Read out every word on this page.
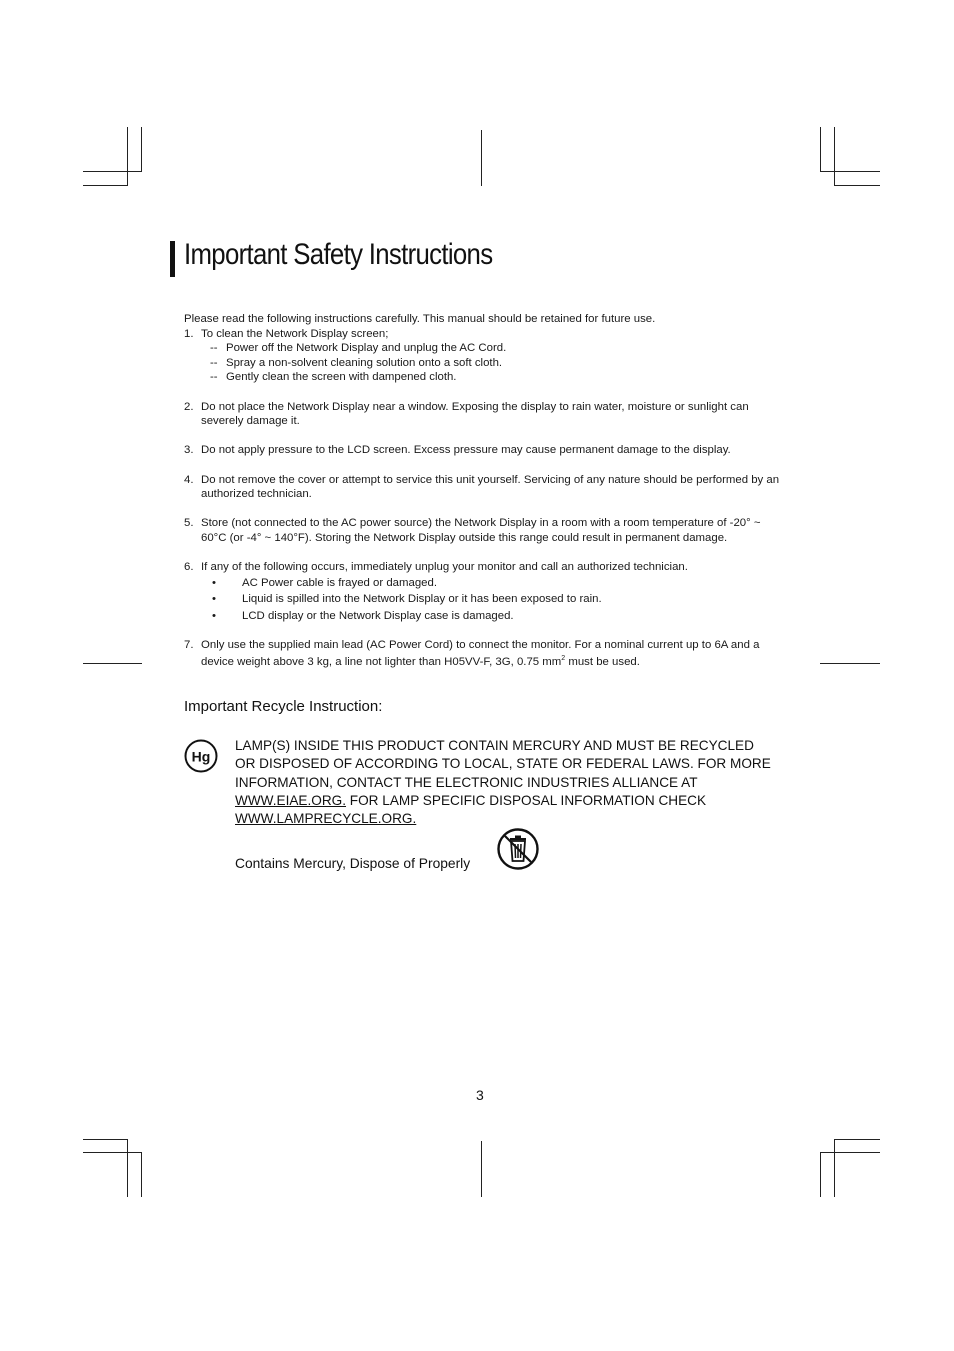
Important Safety Instructions

Please read the following instructions carefully. This manual should be retained for future use.

1. To clean the Network Display screen;
-- Power off the Network Display and unplug the AC Cord.
-- Spray a non-solvent cleaning solution onto a soft cloth.
-- Gently clean the screen with dampened cloth.
2. Do not place the Network Display near a window. Exposing the display to rain water, moisture or sunlight can severely damage it.
3. Do not apply pressure to the LCD screen. Excess pressure may cause permanent damage to the display.
4. Do not remove the cover or attempt to service this unit yourself. Servicing of any nature should be performed by an authorized technician.
5. Store (not connected to the AC power source) the Network Display in a room with a room temperature of -20° ~ 60°C (or -4° ~ 140°F). Storing the Network Display outside this range could result in permanent damage.
6. If any of the following occurs, immediately unplug your monitor and call an authorized technician.
•	AC Power cable is frayed or damaged.
•	Liquid is spilled into the Network Display or it has been exposed to rain.
•	LCD display or the Network Display case is damaged.
7. Only use the supplied main lead (AC Power Cord) to connect the monitor. For a nominal current up to 6A and a device weight above 3 kg, a line not lighter than H05VV-F, 3G, 0.75 $mm^2$ must be used.
Important Recycle Instruction:
Hg
LAMP(S) INSIDE THIS PRODUCT CONTAIN MERCURY AND MUST BE RECYCLED OR DISPOSED OF ACCORDING TO LOCAL, STATE OR FEDERAL LAWS. FOR MORE INFORMATION, CONTACT THE ELECTRONIC INDUSTRIES ALLIANCE AT WWW.EIAE.ORG. FOR LAMP SPECIFIC DISPOSAL INFORMATION CHECK WWW.LAMPRECYCLE.ORG.
Contains Mercury, Dispose of Properly
3
